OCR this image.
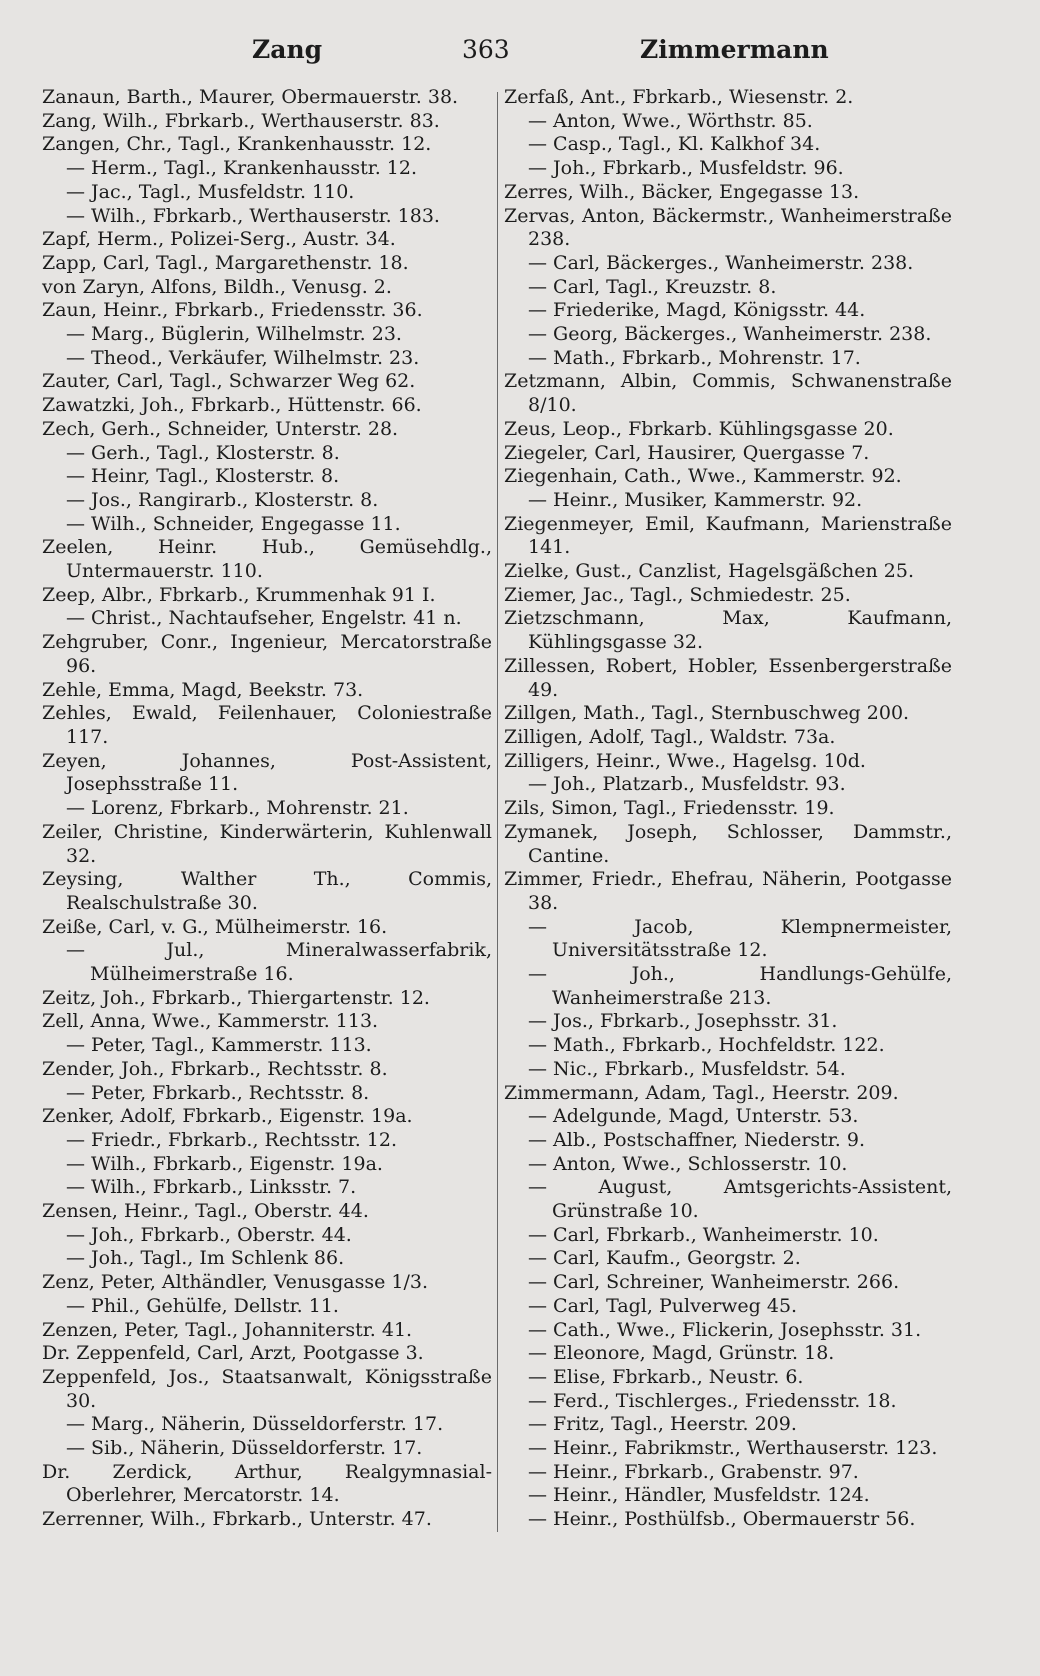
Zang	363	Zimmermann
Zanaun, Barth., Maurer, Obermauerstr. 38.
Zang, Wilh., Fbrkarb., Werthauserstr. 83.
Zangen, Chr., Tagl., Krankenhausstr. 12.
— Herm., Tagl., Krankenhausstr. 12.
— Jac., Tagl., Musfeldstr. 110.
— Wilh., Fbrkarb., Werthauserstr. 183.
Zapf, Herm., Polizei-Serg., Austr. 34.
Zapp, Carl, Tagl., Margarethenstr. 18.
von Zaryn, Alfons, Bildh., Venusg. 2.
Zaun, Heinr., Fbrkarb., Friedensstr. 36.
— Marg., Büglerin, Wilhelmstr. 23.
— Theod., Verkäufer, Wilhelmstr. 23.
Zauter, Carl, Tagl., Schwarzer Weg 62.
Zawatzki, Joh., Fbrkarb., Hüttenstr. 66.
Zech, Gerh., Schneider, Unterstr. 28.
— Gerh., Tagl., Klosterstr. 8.
— Heinr, Tagl., Klosterstr. 8.
— Jos., Rangirarb., Klosterstr. 8.
— Wilh., Schneider, Engegasse 11.
Zeelen, Heinr. Hub., Gemüsehdlg., Untermauerstr. 110.
Zeep, Albr., Fbrkarb., Krummenhak 91 I.
— Christ., Nachtaufseher, Engelstr. 41 n.
Zehgruber, Conr., Ingenieur, Mercatorstraße 96.
Zehle, Emma, Magd, Beekstr. 73.
Zehles, Ewald, Feilenhauer, Coloniestraße 117.
Zeyen, Johannes, Post-Assistent, Josephsstraße 11.
— Lorenz, Fbrkarb., Mohrenstr. 21.
Zeiler, Christine, Kinderwärterin, Kuhlenwall 32.
Zeysing, Walther Th., Commis, Realschulstraße 30.
Zeiße, Carl, v. G., Mülheimerstr. 16.
— Jul., Mineralwasserfabrik, Mülheimerstraße 16.
Zeitz, Joh., Fbrkarb., Thiergartenstr. 12.
Zell, Anna, Wwe., Kammerstr. 113.
— Peter, Tagl., Kammerstr. 113.
Zender, Joh., Fbrkarb., Rechtsstr. 8.
— Peter, Fbrkarb., Rechtsstr. 8.
Zenker, Adolf, Fbrkarb., Eigenstr. 19a.
— Friedr., Fbrkarb., Rechtsstr. 12.
— Wilh., Fbrkarb., Eigenstr. 19a.
— Wilh., Fbrkarb., Linksstr. 7.
Zensen, Heinr., Tagl., Oberstr. 44.
— Joh., Fbrkarb., Oberstr. 44.
— Joh., Tagl., Im Schlenk 86.
Zenz, Peter, Althändler, Venusgasse 1/3.
— Phil., Gehülfe, Dellstr. 11.
Zenzen, Peter, Tagl., Johanniterstr. 41.
Dr. Zeppenfeld, Carl, Arzt, Pootgasse 3.
Zeppenfeld, Jos., Staatsanwalt, Königsstraße 30.
— Marg., Näherin, Düsseldorferstr. 17.
— Sib., Näherin, Düsseldorferstr. 17.
Dr. Zerdick, Arthur, Realgymnasial-Oberlehrer, Mercatorstr. 14.
Zerrenner, Wilh., Fbrkarb., Unterstr. 47.
Zerfaß, Ant., Fbrkarb., Wiesenstr. 2.
— Anton, Wwe., Wörthstr. 85.
— Casp., Tagl., Kl. Kalkhof 34.
— Joh., Fbrkarb., Musfeldstr. 96.
Zerres, Wilh., Bäcker, Engegasse 13.
Zervas, Anton, Bäckermstr., Wanheimerstraße 238.
— Carl, Bäckerges., Wanheimerstr. 238.
— Carl, Tagl., Kreuzstr. 8.
— Friederike, Magd, Königsstr. 44.
— Georg, Bäckerges., Wanheimerstr. 238.
— Math., Fbrkarb., Mohrenstr. 17.
Zetzmann, Albin, Commis, Schwanenstraße 8/10.
Zeus, Leop., Fbrkarb. Kühlingsgasse 20.
Ziegeler, Carl, Hausirer, Quergasse 7.
Ziegenhain, Cath., Wwe., Kammerstr. 92.
— Heinr., Musiker, Kammerstr. 92.
Ziegenmeyer, Emil, Kaufmann, Marienstraße 141.
Zielke, Gust., Canzlist, Hagelsgäßchen 25.
Ziemer, Jac., Tagl., Schmiedestr. 25.
Zietzschmann, Max, Kaufmann, Kühlingsgasse 32.
Zillessen, Robert, Hobler, Essenbergerstraße 49.
Zillgen, Math., Tagl., Sternbuschweg 200.
Zilligen, Adolf, Tagl., Waldstr. 73a.
Zilligers, Heinr., Wwe., Hagelsg. 10d.
— Joh., Platzarb., Musfeldstr. 93.
Zils, Simon, Tagl., Friedensstr. 19.
Zymanek, Joseph, Schlosser, Dammstr., Cantine.
Zimmer, Friedr., Ehefrau, Näherin, Pootgasse 38.
— Jacob, Klempnermeister, Universitätsstraße 12.
— Joh., Handlungs-Gehülfe, Wanheimerstraße 213.
— Jos., Fbrkarb., Josephsstr. 31.
— Math., Fbrkarb., Hochfeldstr. 122.
— Nic., Fbrkarb., Musfeldstr. 54.
Zimmermann, Adam, Tagl., Heerstr. 209.
— Adelgunde, Magd, Unterstr. 53.
— Alb., Postschaffner, Niederstr. 9.
— Anton, Wwe., Schlosserstr. 10.
— August, Amtsgerichts-Assistent, Grünstraße 10.
— Carl, Fbrkarb., Wanheimerstr. 10.
— Carl, Kaufm., Georgstr. 2.
— Carl, Schreiner, Wanheimerstr. 266.
— Carl, Tagl, Pulverweg 45.
— Cath., Wwe., Flickerin, Josephsstr. 31.
— Eleonore, Magd, Grünstr. 18.
— Elise, Fbrkarb., Neustr. 6.
— Ferd., Tischlerges., Friedensstr. 18.
— Fritz, Tagl., Heerstr. 209.
— Heinr., Fabrikmstr., Werthauserstr. 123.
— Heinr., Fbrkarb., Grabenstr. 97.
— Heinr., Händler, Musfeldstr. 124.
— Heinr., Posthülfsb., Obermauerstr 56.
